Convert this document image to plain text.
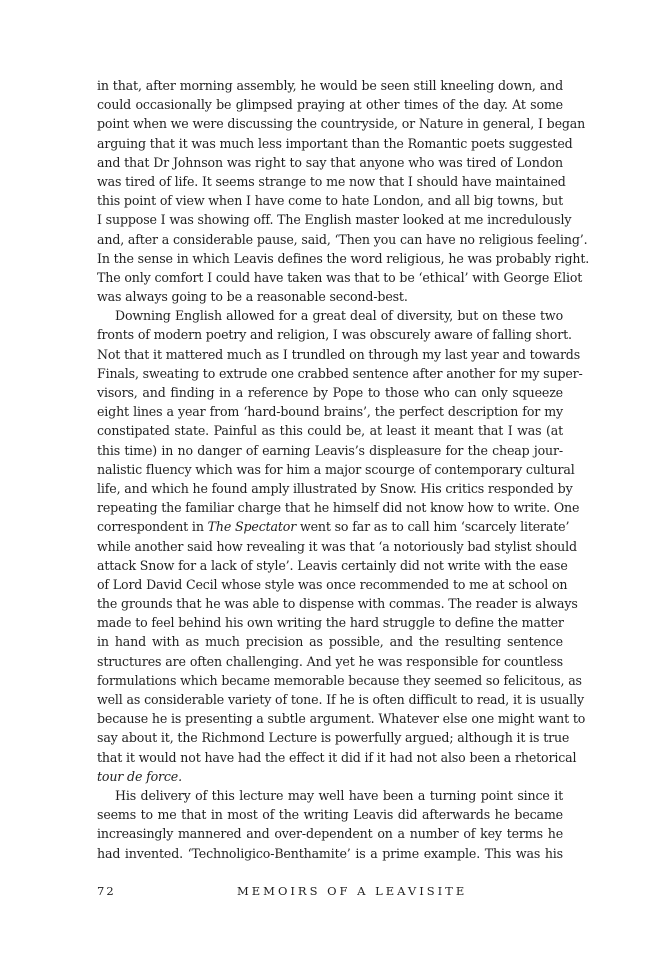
in that, after morning assembly, he would be seen still kneeling down, and
could occasionally be glimpsed praying at other times of the day. At some
point when we were discussing the countryside, or Nature in general, I began
arguing that it was much less important than the Romantic poets suggested
and that Dr Johnson was right to say that anyone who was tired of London
was tired of life. It seems strange to me now that I should have maintained
this point of view when I have come to hate London, and all big towns, but
I suppose I was showing off. The English master looked at me incredulously
and, after a considerable pause, said, ‘Then you can have no religious feeling’.
In the sense in which Leavis defines the word religious, he was probably right.
The only comfort I could have taken was that to be ‘ethical’ with George Eliot
was always going to be a reasonable second-best.
Downing English allowed for a great deal of diversity, but on these two
fronts of modern poetry and religion, I was obscurely aware of falling short.
Not that it mattered much as I trundled on through my last year and towards
Finals, sweating to extrude one crabbed sentence after another for my super-
visors, and finding in a reference by Pope to those who can only squeeze
eight lines a year from ‘hard-bound brains’, the perfect description for my
constipated state. Painful as this could be, at least it meant that I was (at
this time) in no danger of earning Leavis’s displeasure for the cheap jour-
nalistic fluency which was for him a major scourge of contemporary cultural
life, and which he found amply illustrated by Snow. His critics responded by
repeating the familiar charge that he himself did not know how to write. One
correspondent in The Spectator went so far as to call him ‘scarcely literate’
while another said how revealing it was that ‘a notoriously bad stylist should
attack Snow for a lack of style’. Leavis certainly did not write with the ease
of Lord David Cecil whose style was once recommended to me at school on
the grounds that he was able to dispense with commas. The reader is always
made to feel behind his own writing the hard struggle to define the matter
in hand with as much precision as possible, and the resulting sentence
structures are often challenging. And yet he was responsible for countless
formulations which became memorable because they seemed so felicitous, as
well as considerable variety of tone. If he is often difficult to read, it is usually
because he is presenting a subtle argument. Whatever else one might want to
say about it, the Richmond Lecture is powerfully argued; although it is true
that it would not have had the effect it did if it had not also been a rhetorical
tour de force.
His delivery of this lecture may well have been a turning point since it
seems to me that in most of the writing Leavis did afterwards he became
increasingly mannered and over-dependent on a number of key terms he
had invented. ‘Technoligico-Benthamite’ is a prime example. This was his
72	MEMOIRS OF A LEAVISITE
